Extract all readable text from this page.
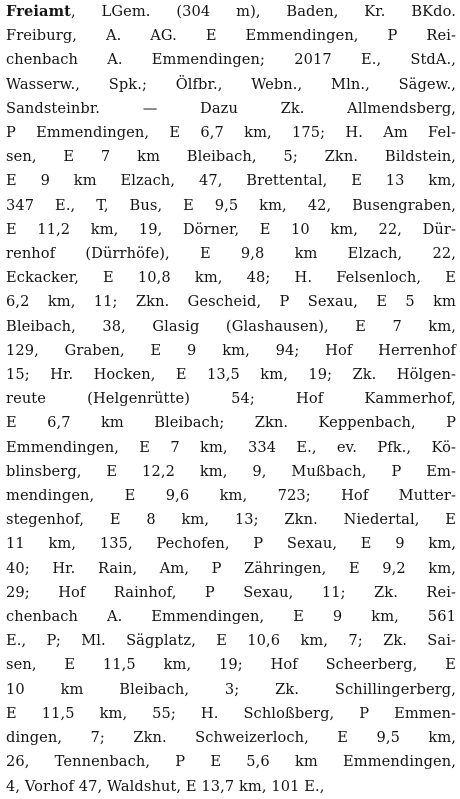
Freiamt, LGem. (304 m), Baden, Kr. BKdo.
Freiburg, A. AG. E Emmendingen, P Rei-
chenbach A. Emmendingen; 2017 E., StdA.,
Wasserw., Spk.; Ölfbr., Webn., Mln., Sägew.,
Sandsteinbr. — Dazu Zk. Allmendsberg,
P Emmendingen, E 6,7 km, 175; H. Am Fel-
sen, E 7 km Bleibach, 5; Zkn. Bildstein,
E 9 km Elzach, 47, Brettental, E 13 km,
347 E., T, Bus, E 9,5 km, 42, Busengraben,
E 11,2 km, 19, Dörner, E 10 km, 22, Dür-
renhof (Dürrhöfe), E 9,8 km Elzach, 22,
Eckacker, E 10,8 km, 48; H. Felsenloch, E
6,2 km, 11; Zkn. Gescheid, P Sexau, E 5 km
Bleibach, 38, Glasig (Glashausen), E 7 km,
129, Graben, E 9 km, 94; Hof Herrenhof
15; Hr. Hocken, E 13,5 km, 19; Zk. Hölgen-
reute (Helgenrütte) 54; Hof Kammerhof,
E 6,7 km Bleibach; Zkn. Keppenbach, P
Emmendingen, E 7 km, 334 E., ev. Pfk., Kö-
blinsberg, E 12,2 km, 9, Mußbach, P Em-
mendingen, E 9,6 km, 723; Hof Mutter-
stegenhof, E 8 km, 13; Zkn. Niedertal, E
11 km, 135, Pechofen, P Sexau, E 9 km,
40; Hr. Rain, Am, P Zähringen, E 9,2 km,
29; Hof Rainhof, P Sexau, 11; Zk. Rei-
chenbach A. Emmendingen, E 9 km, 561
E., P; Ml. Sägplatz, E 10,6 km, 7; Zk. Sai-
sen, E 11,5 km, 19; Hof Scheerberg, E
10 km Bleibach, 3; Zk. Schillingerberg,
E 11,5 km, 55; H. Schloßberg, P Emmen-
dingen, 7; Zkn. Schweizerloch, E 9,5 km,
26, Tennenbach, P E 5,6 km Emmendingen,
4, Vorhof 47, Waldshut, E 13,7 km, 101 E.,
